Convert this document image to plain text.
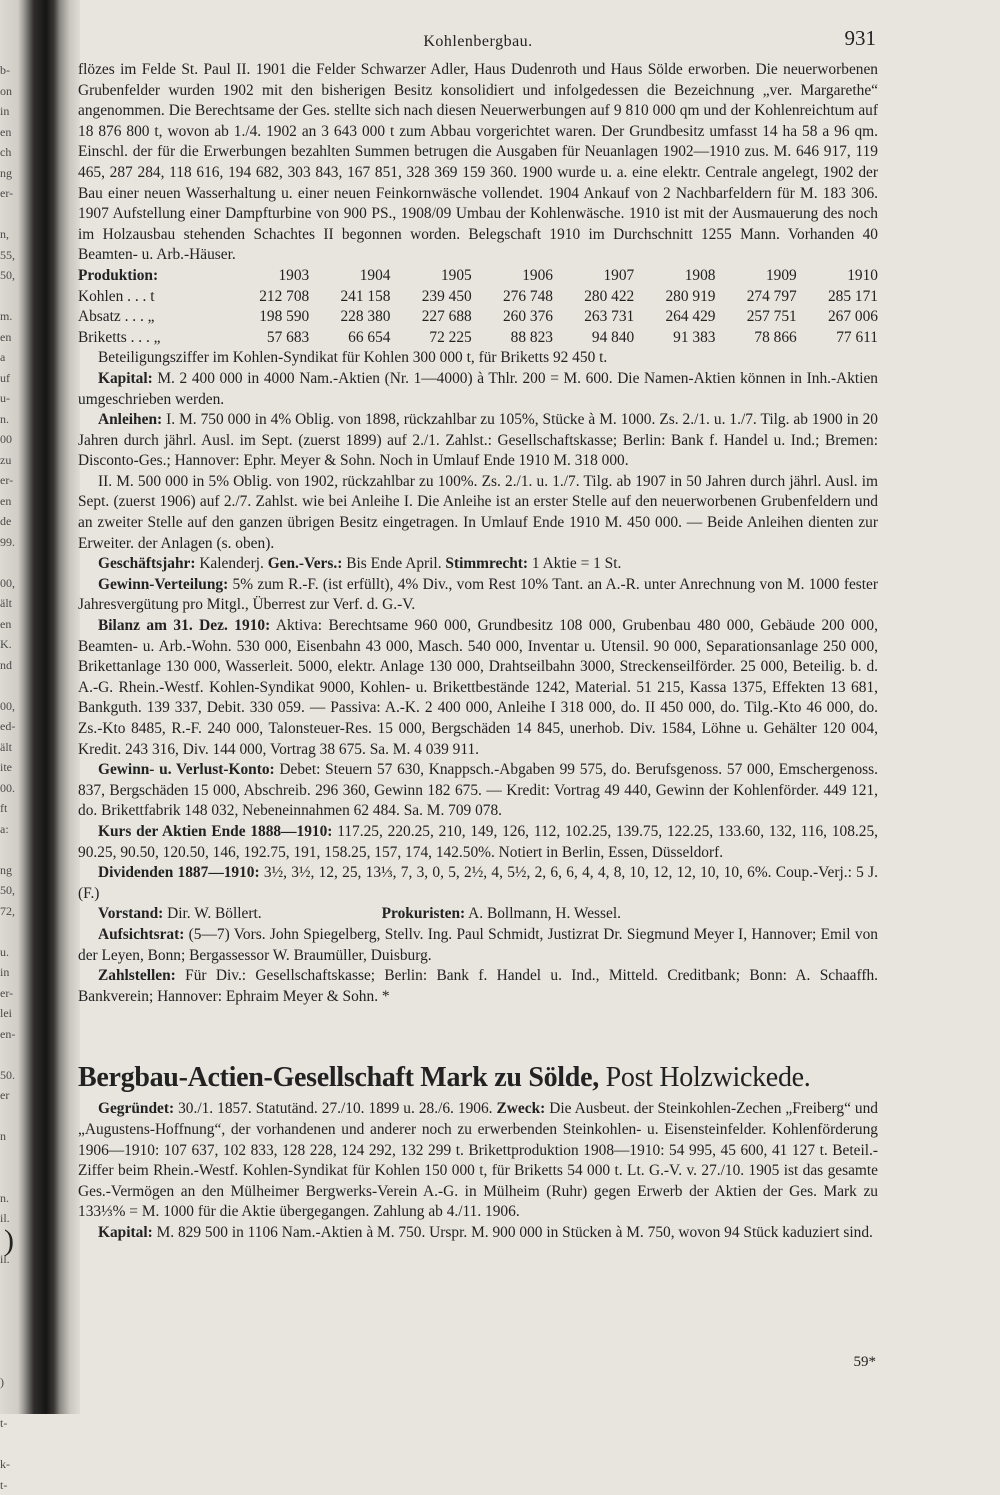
b-
on
in
en
ch
ng
er-
n,
55,
50,
m.
en
a
uf
u-
n.
00
zu
er-
en
de
99.
00,
ält
en
K.
nd
00,
ed-
ält
ite
00.
ft
a:
ng
50,
72,
u.
in
er-
lei
en-
50.
er
n
n.
il.
il.
)
t-
k-
t-
)
Kohlenbergbau.	931
flözes im Felde St. Paul II. 1901 die Felder Schwarzer Adler, Haus Dudenroth und Haus Sölde erworben. Die neuerworbenen Grubenfelder wurden 1902 mit den bisherigen Besitz konsolidiert und infolgedessen die Bezeichnung „ver. Margarethe“ angenommen. Die Berechtsame der Ges. stellte sich nach diesen Neuerwerbungen auf 9 810 000 qm und der Kohlenreichtum auf 18 876 800 t, wovon ab 1./4. 1902 an 3 643 000 t zum Abbau vorgerichtet waren. Der Grundbesitz umfasst 14 ha 58 a 96 qm. Einschl. der für die Erwerbungen bezahlten Summen betrugen die Ausgaben für Neuanlagen 1902—1910 zus. M. 646 917, 119 465, 287 284, 118 616, 194 682, 303 843, 167 851, 328 369 159 360. 1900 wurde u. a. eine elektr. Centrale angelegt, 1902 der Bau einer neuen Wasserhaltung u. einer neuen Feinkornwäsche vollendet. 1904 Ankauf von 2 Nachbarfeldern für M. 183 306. 1907 Aufstellung einer Dampfturbine von 900 PS., 1908/09 Umbau der Kohlenwäsche. 1910 ist mit der Ausmauerung des noch im Holzausbau stehenden Schachtes II begonnen worden. Belegschaft 1910 im Durchschnitt 1255 Mann. Vorhanden 40 Beamten- u. Arb.-Häuser.
Produktion:	1903	1904	1905	1906	1907	1908	1909	1910
Kohlen . . . t	212 708	241 158	239 450	276 748	280 422	280 919	274 797	285 171
Absatz . . . „	198 590	228 380	227 688	260 376	263 731	264 429	257 751	267 006
Briketts . . . „	57 683	66 654	72 225	88 823	94 840	91 383	78 866	77 611
Beteiligungsziffer im Kohlen-Syndikat für Kohlen 300 000 t, für Briketts 92 450 t.
Kapital: M. 2 400 000 in 4000 Nam.-Aktien (Nr. 1—4000) à Thlr. 200 = M. 600. Die Namen-Aktien können in Inh.-Aktien umgeschrieben werden.
Anleihen: I. M. 750 000 in 4% Oblig. von 1898, rückzahlbar zu 105%, Stücke à M. 1000. Zs. 2./1. u. 1./7. Tilg. ab 1900 in 20 Jahren durch jährl. Ausl. im Sept. (zuerst 1899) auf 2./1. Zahlst.: Gesellschaftskasse; Berlin: Bank f. Handel u. Ind.; Bremen: Disconto-Ges.; Hannover: Ephr. Meyer & Sohn. Noch in Umlauf Ende 1910 M. 318 000.
II. M. 500 000 in 5% Oblig. von 1902, rückzahlbar zu 100%. Zs. 2./1. u. 1./7. Tilg. ab 1907 in 50 Jahren durch jährl. Ausl. im Sept. (zuerst 1906) auf 2./7. Zahlst. wie bei Anleihe I. Die Anleihe ist an erster Stelle auf den neuerworbenen Grubenfeldern und an zweiter Stelle auf den ganzen übrigen Besitz eingetragen. In Umlauf Ende 1910 M. 450 000. — Beide Anleihen dienten zur Erweiter. der Anlagen (s. oben).
Geschäftsjahr: Kalenderj. Gen.-Vers.: Bis Ende April. Stimmrecht: 1 Aktie = 1 St.
Gewinn-Verteilung: 5% zum R.-F. (ist erfüllt), 4% Div., vom Rest 10% Tant. an A.-R. unter Anrechnung von M. 1000 fester Jahresvergütung pro Mitgl., Überrest zur Verf. d. G.-V.
Bilanz am 31. Dez. 1910: Aktiva: Berechtsame 960 000, Grundbesitz 108 000, Grubenbau 480 000, Gebäude 200 000, Beamten- u. Arb.-Wohn. 530 000, Eisenbahn 43 000, Masch. 540 000, Inventar u. Utensil. 90 000, Separationsanlage 250 000, Brikettanlage 130 000, Wasserleit. 5000, elektr. Anlage 130 000, Drahtseilbahn 3000, Streckenseilförder. 25 000, Beteilig. b. d. A.-G. Rhein.-Westf. Kohlen-Syndikat 9000, Kohlen- u. Brikettbestände 1242, Material. 51 215, Kassa 1375, Effekten 13 681, Bankguth. 139 337, Debit. 330 059. — Passiva: A.-K. 2 400 000, Anleihe I 318 000, do. II 450 000, do. Tilg.-Kto 46 000, do. Zs.-Kto 8485, R.-F. 240 000, Talonsteuer-Res. 15 000, Bergschäden 14 845, unerhob. Div. 1584, Löhne u. Gehälter 120 004, Kredit. 243 316, Div. 144 000, Vortrag 38 675. Sa. M. 4 039 911.
Gewinn- u. Verlust-Konto: Debet: Steuern 57 630, Knappsch.-Abgaben 99 575, do. Berufsgenoss. 57 000, Emschergenoss. 837, Bergschäden 15 000, Abschreib. 296 360, Gewinn 182 675. — Kredit: Vortrag 49 440, Gewinn der Kohlenförder. 449 121, do. Brikettfabrik 148 032, Nebeneinnahmen 62 484. Sa. M. 709 078.
Kurs der Aktien Ende 1888—1910: 117.25, 220.25, 210, 149, 126, 112, 102.25, 139.75, 122.25, 133.60, 132, 116, 108.25, 90.25, 90.50, 120.50, 146, 192.75, 191, 158.25, 157, 174, 142.50%. Notiert in Berlin, Essen, Düsseldorf.
Dividenden 1887—1910: 3½, 3½, 12, 25, 13⅓, 7, 3, 0, 5, 2½, 4, 5½, 2, 6, 6, 4, 4, 8, 10, 12, 12, 10, 10, 6%. Coup.-Verj.: 5 J. (F.)
Vorstand: Dir. W. Böllert.	Prokuristen: A. Bollmann, H. Wessel.
Aufsichtsrat: (5—7) Vors. John Spiegelberg, Stellv. Ing. Paul Schmidt, Justizrat Dr. Siegmund Meyer I, Hannover; Emil von der Leyen, Bonn; Bergassessor W. Braumüller, Duisburg.
Zahlstellen: Für Div.: Gesellschaftskasse; Berlin: Bank f. Handel u. Ind., Mitteld. Creditbank; Bonn: A. Schaaffh. Bankverein; Hannover: Ephraim Meyer & Sohn. *
Bergbau-Actien-Gesellschaft Mark zu Sölde, Post Holzwickede.
Gegründet: 30./1. 1857. Statutänd. 27./10. 1899 u. 28./6. 1906. Zweck: Die Ausbeut. der Steinkohlen-Zechen „Freiberg“ und „Augustens-Hoffnung“, der vorhandenen und anderer noch zu erwerbenden Steinkohlen- u. Eisensteinfelder. Kohlenförderung 1906—1910: 107 637, 102 833, 128 228, 124 292, 132 299 t. Brikettproduktion 1908—1910: 54 995, 45 600, 41 127 t. Beteil.-Ziffer beim Rhein.-Westf. Kohlen-Syndikat für Kohlen 150 000 t, für Briketts 54 000 t. Lt. G.-V. v. 27./10. 1905 ist das gesamte Ges.-Vermögen an den Mülheimer Bergwerks-Verein A.-G. in Mülheim (Ruhr) gegen Erwerb der Aktien der Ges. Mark zu 133⅓% = M. 1000 für die Aktie übergegangen. Zahlung ab 4./11. 1906.
Kapital: M. 829 500 in 1106 Nam.-Aktien à M. 750. Urspr. M. 900 000 in Stücken à M. 750, wovon 94 Stück kaduziert sind.
59*
